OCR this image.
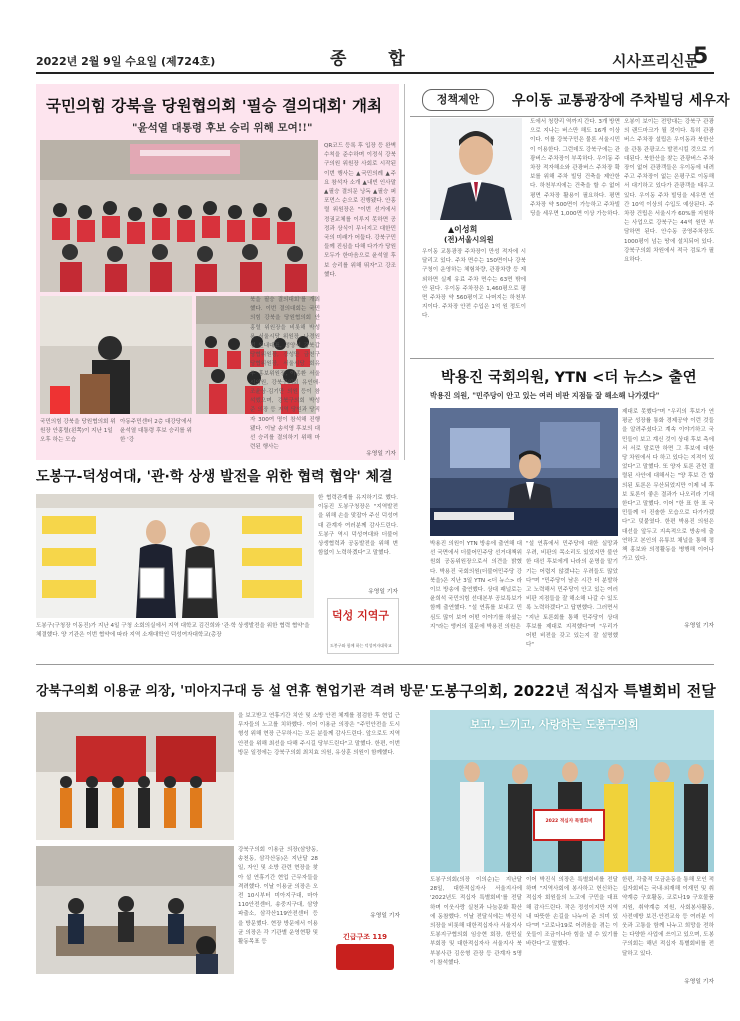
2022년 2월 9일 수요일 (제724호)	종 합	시사프리신문
5
국민의힘 강북을 당원협의회 '필승 결의대회' 개최
"윤석열 대통령 후보 승리 위해 모여!!"
QR코드 등록 후 입장 등 완벽 수칙을 준수하며 이정식 강북구의원 위원장 사회로 시작된 이번 행사는 ▲국민의례 ▲주요 참석자 소개 ▲내빈 인사말 ▲필승 결의문 낭독 ▲필승 퍼포먼스 순으로 진행됐다. 안홍렬 위원장은 "이번 선거에서 정권교체를 이루지 못하면 공정과 상식이 무너지고 대한민국의 미래가 어둡다. 강북구민들께 진심을 다해 다가가 당원 모두가 한마음으로 윤석열 후보 승리를 위해 뛰자"고 강조했다.
국민의힘 강북을 당원협의회 위원장 안홍렬(왼쪽)이 지난 1일 오후 하는 모습
아동주민센터 2층 대강당에서 윤석열 대통령 후보 승리를 위한 '강
북을 필승 결의대회'를 개최했다. 이번 결의대회는 국민의힘 강북을 당원협의회 안홍렬 위원장을 비롯해 박성용 서울시당 위원장, 나경원 전 원내대표, 정양석 강북갑 당협위원장, 강성만 금천구 당협위원장, 서울시당 회유우 홍보위원장, 이종환 서울시의원, 강북구의회 유인애·조윤상·김기만 의원 등이 참석했으며, 강북구의회 박성준 의장 등 지역 당원과 당직자 300여 명이 참석해 진행됐다. 이날 송석영 후보의 대선 승리를 결의하기 위해 마련된 행사는
유영일 기자
정책제안	우이동 교통광장에 주차빌딩 세우자
▲이성희
(전)서울시의원
우이동 교통광장 주차장이 만성 적자에 시달리고 있다. 주차 면수는 150면이나 강북구청이 운영하는 체험차량, 관광차량 등 제외하면 실제 유료 주차 면수는 63면 밖에 안 된다. 우이동 주차장은 1,460평으로 평면 주차장 약 560평이고 나머지는 하천부지이다. 주차장 안전 수입은 1억 원 정도이다.
도에서 청량리 역까지 간다. 3개 방면으로 지나는 버스만 해도 16개 이상이다. 이를 강북구민은 물론 서울시민이 이용한다. 그런데도 강북구에는 관광버스 주차장이 부족하다. 우이동 주차장 적자해소와 관광버스 주차장 확보를 위해 주차 빌딩 건축을 제안한다. 하천부지에는 건축을 할 수 없어 평면 주차장 활용이 필요하다. 평면 주차장 약 500면이 가능하고 주차빌딩을 세우면 1,000면 이상 가능하다.
오봉이 보이는 전망대는 강북구 관광의 랜드마크가 될 것이다. 특히 관광버스 주차장 설립은 우이동과 북한산을 관통 관광코스 발전시킬 것으로 기대된다. 북한산을 찾는 관광버스 주차장이 없어 관광객들은 우이동에 내려 주고 주차장이 없는 은평구로 이동해서 대기하고 있다가 관광객을 태우고 있다. 우이동 주차 빌딩을 세우면 연간 10억 이상의 수입도 예상된다. 주차장 건립은 서울시가 60%를 지원하는 사업으로 강북구는 44억 원만 부담하면 된다. 안수동 공영주차장도 1000평이 넘는 땅에 설치되어 있다. 강북구의회 차원에서 적극 검토가 필요하다.
박용진 국회의원, YTN <더 뉴스> 출연
박용진 의원, "민주당이 안고 있는 여러 비판 지점들 잘 해소해 나가겠다"
제대로 못했다"며 "우리의 후보가 연평균 성장률 통화 경제공약 이런 것들을 알려주셨다고 계속 이야기하고 국민들이 보고 계신 것이 상대 후보 측에서 서로 말로만 하면 그 후보에 대한 당 차원에서 다 하고 있다는 지적이 있었다"고 말했다. 또 양자 토론 관련 결렬된 사안에 대해서는 "양 후보 간 합의된 토론은 무산되었지만 이제 네 후보 토론이 좋은 결과가 나오리라 기대한다"고 말했다. 이어 "한 표 한 표 국민들께 더 진솔한 모습으로 다가가겠다"고 덧붙였다. 한편 박용진 의원은 대선을 앞두고 지속적으로 방송에 출연하고 본인의 유튜브 채널을 통해 정책 홍보와 의정활동을 병행해 이어나가고 있다.
박용진 의원이 YTN 방송에 출연해 대선 국면에서 더불어민주당 선거대책위원회 공동위원장으로서 의견을 밝혔다. 박용진 국회의원(더불어민주당 강북을)은 지난 3일 YTN <더 뉴스> 라이브 방송에 출연했다. 상대 패널로는 윤희석 국민의힘 선대본부 공보특보가 함께 출연했다. "설 연휴를 보내고 민심도 많이 보여 어떤 이야기를 하셨는지"라는 앵커의 질문에 박용진 의원은
"설 연휴에서 민주당에 대한 실망과 우려, 비판의 목소리도 있었지만 불안한 대선 후보에게 나라의 운명을 맡기기는 어렵지 않겠냐는 우려들도 많았다"며 "민주당이 남은 시간 더 분발하고 노력해서 민주당이 안고 있는 여러 비판 지점들을 잘 해소해 나갈 수 있도록 노력하겠다"고 답변했다. 그러면서 "지난 토론회를 통해 민주당이 상대 후보를 제대로 지적했다"며 "우리가 어떤 비전을 갖고 있는지 잘 설명했다"
유영일 기자
도봉구-덕성여대, '관·학 상생 발전을 위한 협력 협약' 체결
한 협력관계를 유지하기로 했다. 이동진 도봉구청장은 "지역발전을 위해 손을 맞잡아 주신 덕성여대 관계자 여러분께 감사드린다. 도봉구 역시 덕성여대와 더불어 상생협력과 공동발전을 위해 변함없이 노력하겠다"고 말했다.
유영일 기자
덕성 지역구
도봉구와 함께 하는 덕성여자대학교
도봉구(구청장 이동진)가 지난 4일 구청 소회의실에서 지역 대학교 김건희와 '관·학 상생발전을 위한 협력 협약'을 체결했다. 양 기관은 이번 협약에 따라 지역 소재대학인 덕성여자대학교(총장
강북구의회 이용균 의장, '미아지구대 등 설 연휴 현업기관 격려 방문'
을 보고받고 연휴기간 치안 및 소방 안전 체계를 점검한 후 현업 근무자들의 노고를 치하했다. 이어 이용균 의장은 "주민안전을 도시형성 위해 현장 근무하시는 모든 분들께 감사드린다. 앞으로도 지역 안전을 위해 최선을 다해 주시길 당부드린다"고 말했다. 한편, 이번 방문 일정에는 강북구의회 최치효 의원, 유상훈 의원이 함께했다.
강북구의회 이용균 의장(삼양동, 송천동, 삼각산동)은 지난달 28일, 자인 및 소방 관련 현장을 찾아 설 연휴기간 현업 근무자들을 격려했다. 이날 이용균 의장은 오전 10시부터 미아지구대, 마아110안전센터, 송중지구대, 삼양파출소, 삼각산119안전센터 등을 방문했다. 현장 방문에서 이용균 의장은 각 기관별 운영현황 및 활동목표 등
유영일 기자
긴급구조 119
도봉구의회, 2022년 적십자 특별회비 전달
보고, 느끼고, 사랑하는 도봉구의회
2022 적십자 특별회비
도봉구의회(의장 이의순)는 지난달 28일, 대한적십자사 서울지사에 '2022년도 적십자 특별회비'를 전달하며 이웃사랑 실천과 나눔문화 확산에 동참했다. 이날 전달식에는 박진식 의장을 비롯해 대한적십자사 서울지사 도봉지구협의회 임승현 회장, 한민실 부회장 및 대한적십자사 서울지사 북부봉사관 김응형 관장 등 관계자 5명이 참석했다.
이어 박진식 의장은 특별회비를 전달하며 "지역사회에 봉사하고 헌신하는 적십자 회원들의 노고에 구민을 대표해 감사드린다. 작은 정성이지만 지역내 따뜻한 손길을 나누어 준 의미 있다"며 "코로나19로 어려움을 겪는 이웃들이 조금이나마 힘을 낼 수 있기를 바란다"고 말했다.
한편, 각출적 모금운동을 통해 모인 적십자회비는 국내·외재해 이재민 및 취약계층 구호활동, 코로나19 구호물품 지원, 취약계층 지원, 사회봉사활동, 사전예방 보건·안전교육 등 여러분 이웃과 고통을 함께 나누고 희망을 전하는 다양한 사업에 쓰이고 있으며, 도봉구의회는 해년 적십자 특별회비를 전달하고 있다.
유영일 기자
